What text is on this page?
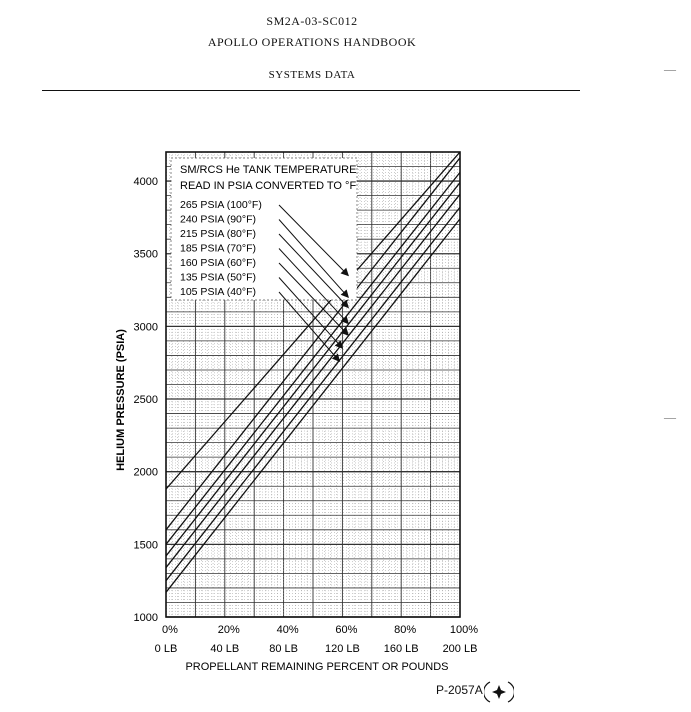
SM2A-03-SC012
APOLLO OPERATIONS HANDBOOK
SYSTEMS DATA	—
—
SM/RCS He TANK TEMPERATURE
READ IN PSIA CONVERTED TO °F
265 PSIA (100°F)
240 PSIA (90°F)
215 PSIA (80°F)
185 PSIA (70°F)
160 PSIA (60°F)
135 PSIA (50°F)
105 PSIA (40°F)
1000
1500
2000
2500
3000
3500
4000
0%	20%	40%	60%	80%	100%
0 LB	40 LB	80 LB 120 LB 160 LB 200 LB
HELIUM PRESSURE (PSIA)
PROPELLANT REMAINING PERCENT OR POUNDS
P-2057A
